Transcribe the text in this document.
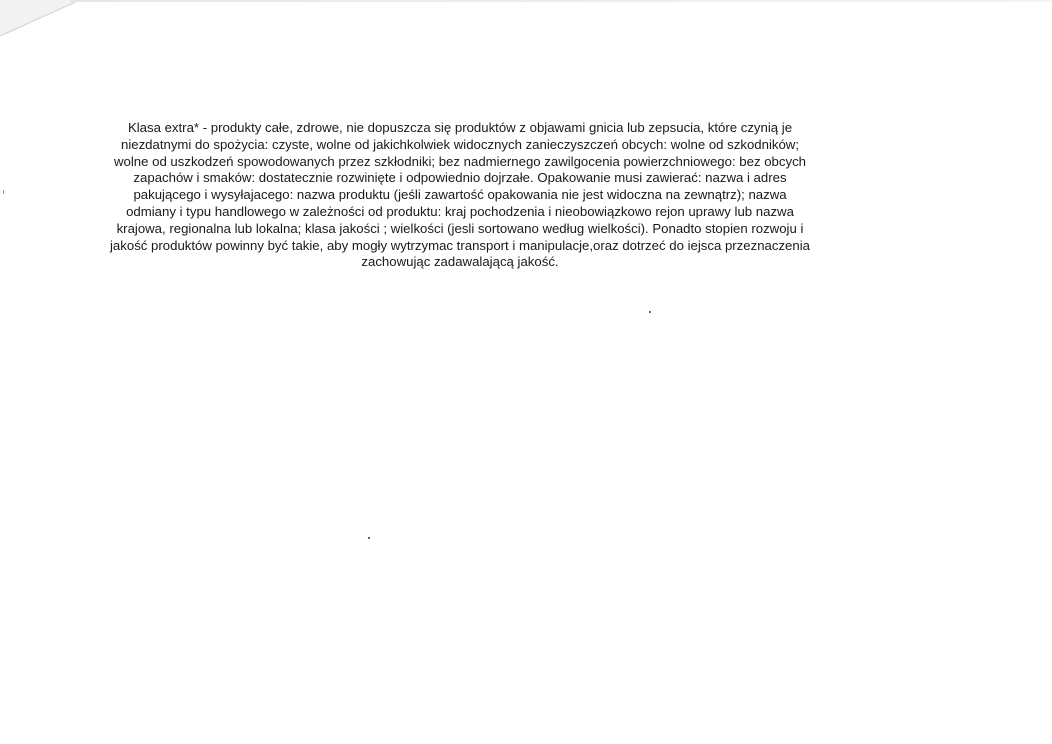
Klasa extra* - produkty całe, zdrowe, nie dopuszcza się produktów z objawami gnicia lub zepsucia, które czynią je
niezdatnymi do spożycia: czyste, wolne od jakichkolwiek widocznych zanieczyszczeń obcych: wolne od szkodników;
wolne od uszkodzeń spowodowanych przez szkłodniki; bez nadmiernego zawilgocenia powierzchniowego: bez obcych
zapachów i smaków: dostatecznie rozwinięte i odpowiednio dojrzałe. Opakowanie musi zawierać: nazwa i adres
pakującego i wysyłajacego: nazwa produktu (jeśli zawartość opakowania nie jest widoczna na zewnątrz); nazwa
odmiany i typu handlowego w zależności od produktu: kraj pochodzenia i nieobowiązkowo rejon uprawy lub nazwa
krajowa, regionalna lub lokalna; klasa jakości ; wielkości (jesli sortowano według wielkości). Ponadto stopien rozwoju i
jakość produktów powinny być takie, aby mogły wytrzymac transport i manipulacje,oraz dotrzeć do iejsca przeznaczenia
zachowując zadawalającą jakość.
